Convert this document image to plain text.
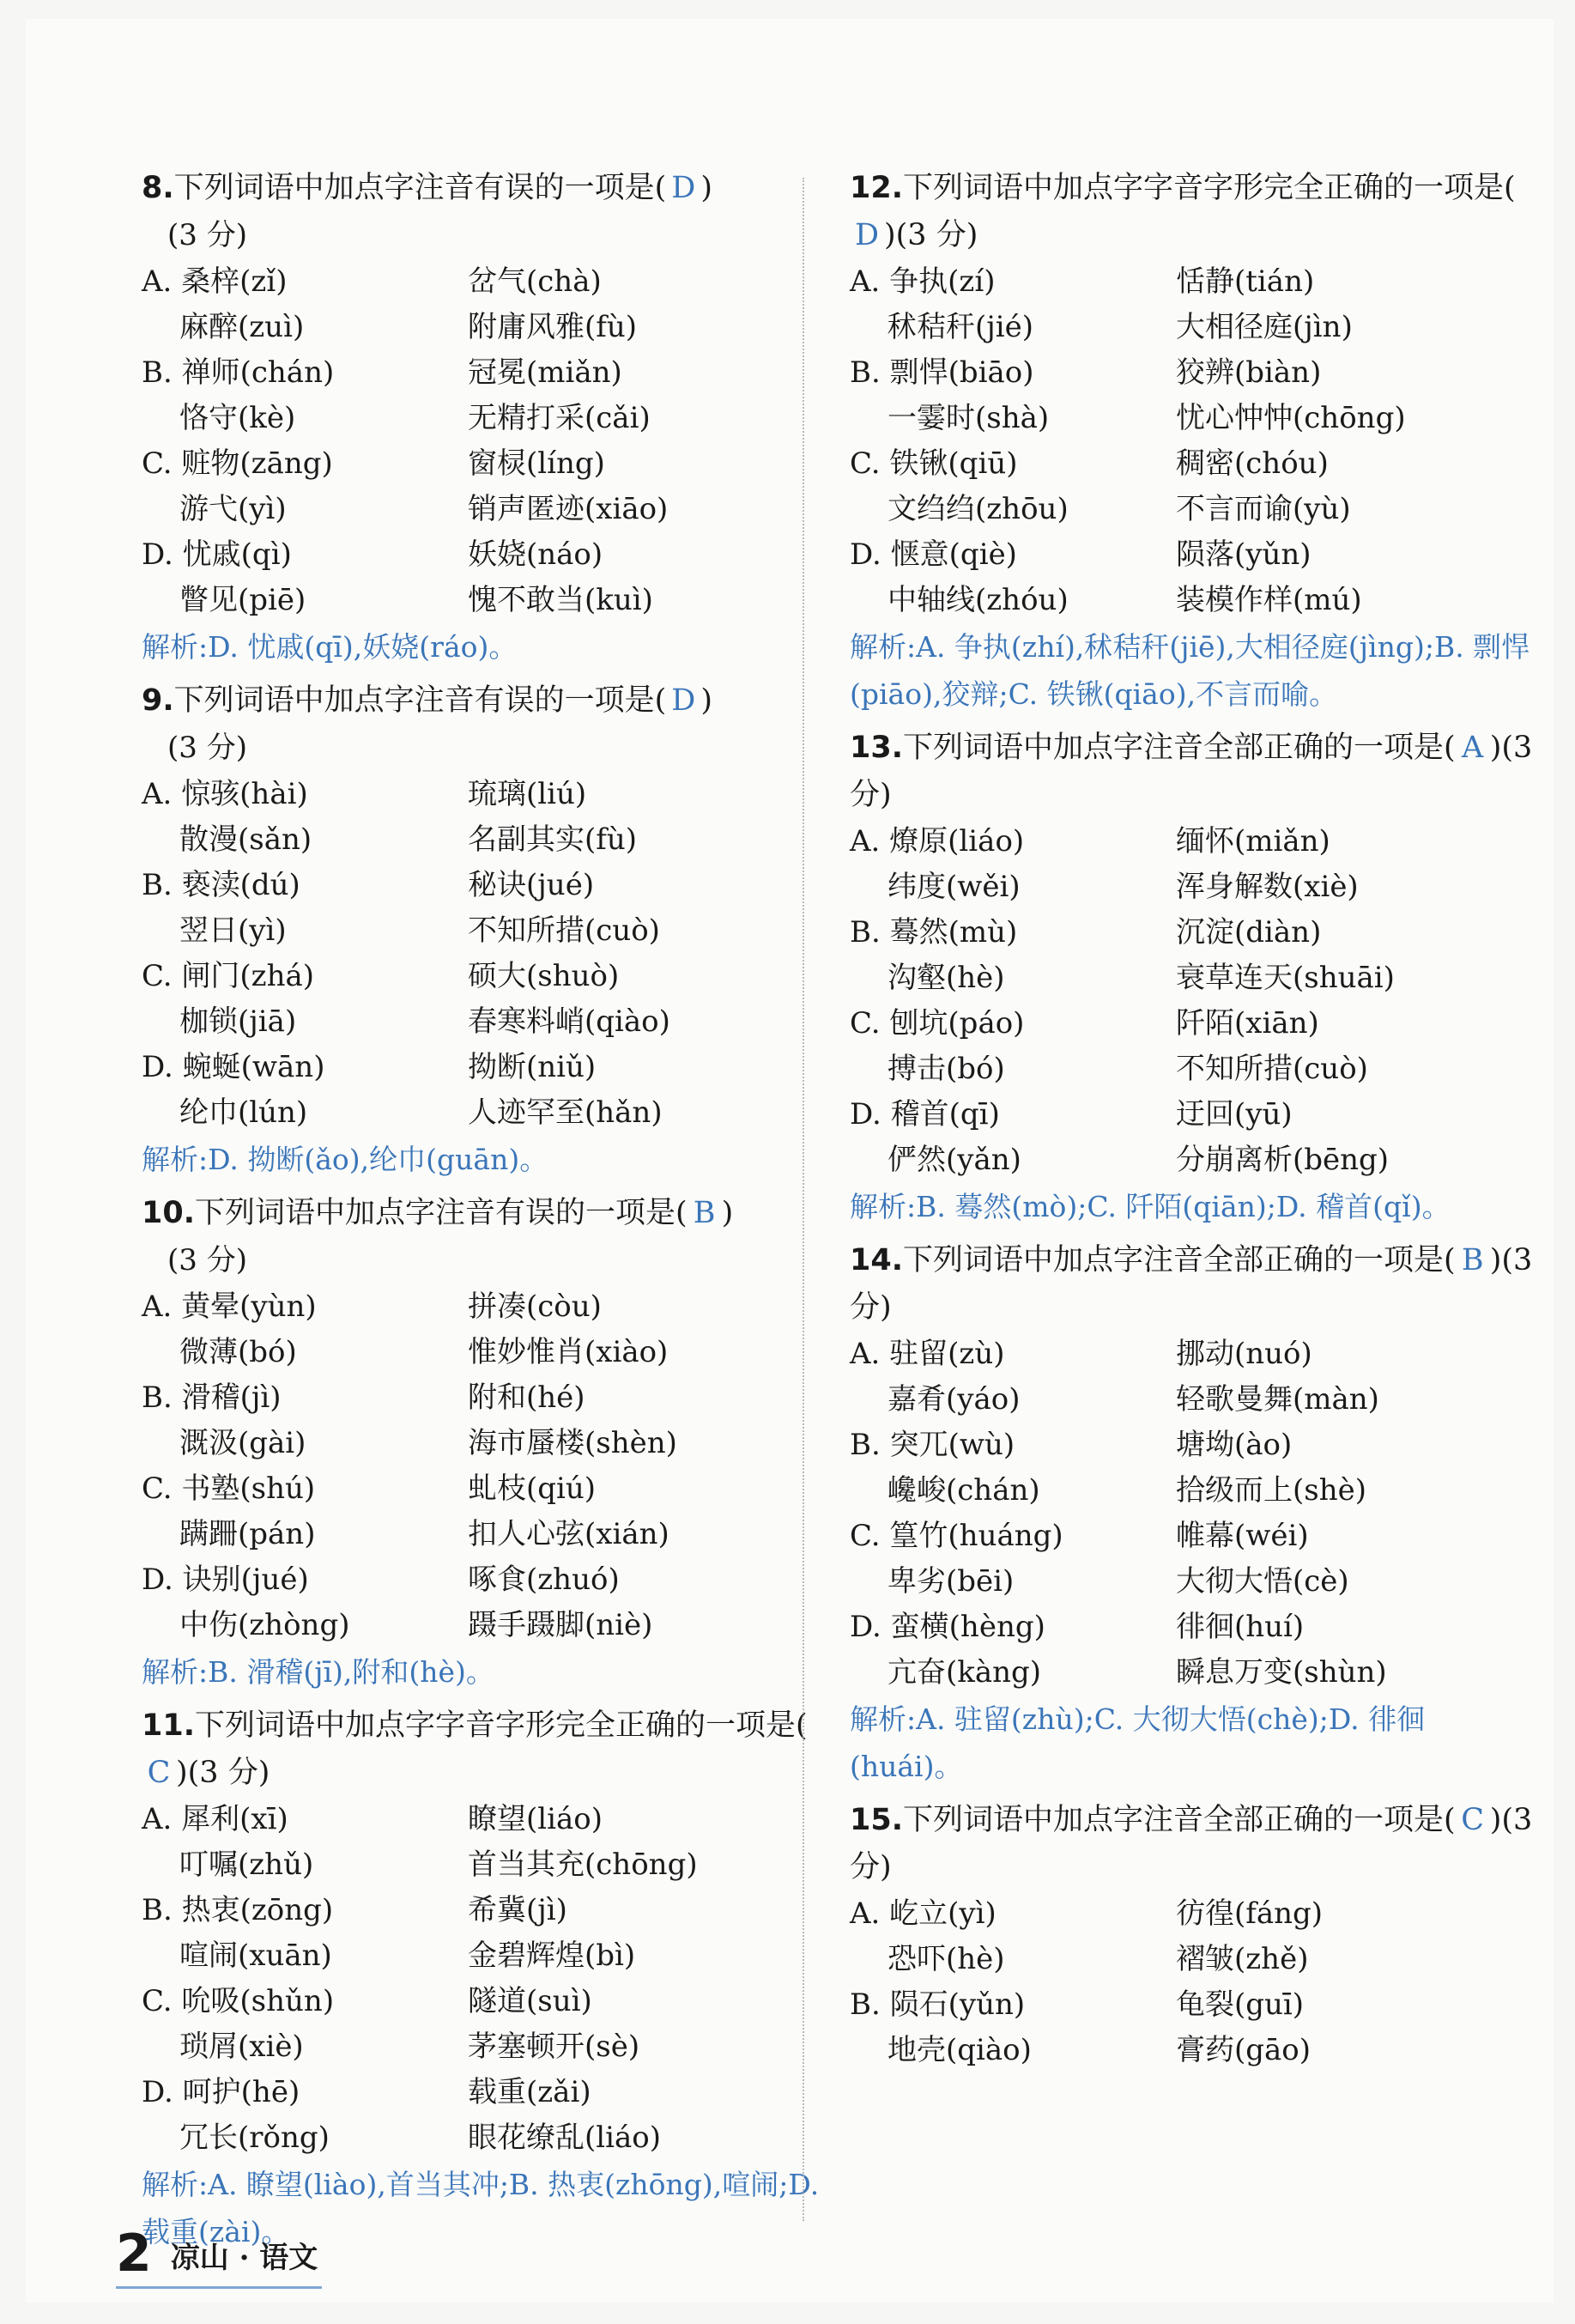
8.下列词语中加点字注音有误的一项是( D )
(3 分)
A. 桑梓(zǐ)	岔气(chà)
麻醉(zuì)	附庸风雅(fù)
B. 禅师(chán)	冠冕(miǎn)
恪守(kè)	无精打采(cǎi)
C. 赃物(zāng)	窗棂(líng)
游弋(yì)	销声匿迹(xiāo)
D. 忧戚(qì)	妖娆(náo)
瞥见(piē)	愧不敢当(kuì)
解析:D. 忧戚(qī),妖娆(ráo)。
9.下列词语中加点字注音有误的一项是( D )
(3 分)
A. 惊骇(hài)	琉璃(liú)
散漫(sǎn)	名副其实(fù)
B. 亵渎(dú)	秘诀(jué)
翌日(yì)	不知所措(cuò)
C. 闸门(zhá)	硕大(shuò)
枷锁(jiā)	春寒料峭(qiào)
D. 蜿蜒(wān)	拗断(niǔ)
纶巾(lún)	人迹罕至(hǎn)
解析:D. 拗断(ǎo),纶巾(guān)。
10.下列词语中加点字注音有误的一项是( B )
(3 分)
A. 黄晕(yùn)	拼凑(còu)
微薄(bó)	惟妙惟肖(xiào)
B. 滑稽(jì)	附和(hé)
溉汲(gài)	海市蜃楼(shèn)
C. 书塾(shú)	虬枝(qiú)
蹒跚(pán)	扣人心弦(xián)
D. 诀别(jué)	啄食(zhuó)
中伤(zhòng)	蹑手蹑脚(niè)
解析:B. 滑稽(jī),附和(hè)。
11.下列词语中加点字字音字形完全正确的一项是(C )(3 分)
A. 犀利(xī)	瞭望(liáo)
叮嘱(zhǔ)	首当其充(chōng)
B. 热衷(zōng)	希冀(jì)
喧闹(xuān)	金碧辉煌(bì)
C. 吮吸(shǔn)	隧道(suì)
琐屑(xiè)	茅塞顿开(sè)
D. 呵护(hē)	载重(zǎi)
冗长(rǒng)	眼花缭乱(liáo)
解析:A. 瞭望(liào),首当其冲;B. 热衷(zhōng),喧闹;D. 载重(zài)。
12.下列词语中加点字字音字形完全正确的一项是(D )(3 分)
A. 争执(zí)	恬静(tián)
秫秸秆(jié)	大相径庭(jìn)
B. 剽悍(biāo)	狡辨(biàn)
一霎时(shà)	忧心忡忡(chōng)
C. 铁锹(qiū)	稠密(chóu)
文绉绉(zhōu)	不言而谕(yù)
D. 惬意(qiè)	陨落(yǔn)
中轴线(zhóu)	装模作样(mú)
解析:A. 争执(zhí),秫秸秆(jiē),大相径庭(jìng);B. 剽悍(piāo),狡辩;C. 铁锹(qiāo),不言而喻。
13.下列词语中加点字注音全部正确的一项是( A )(3 分)
A. 燎原(liáo)	缅怀(miǎn)
纬度(wěi)	浑身解数(xiè)
B. 蓦然(mù)	沉淀(diàn)
沟壑(hè)	衰草连天(shuāi)
C. 刨坑(páo)	阡陌(xiān)
搏击(bó)	不知所措(cuò)
D. 稽首(qī)	迂回(yū)
俨然(yǎn)	分崩离析(bēng)
解析:B. 蓦然(mò);C. 阡陌(qiān);D. 稽首(qǐ)。
14.下列词语中加点字注音全部正确的一项是( B )(3 分)
A. 驻留(zù)	挪动(nuó)
嘉肴(yáo)	轻歌曼舞(màn)
B. 突兀(wù)	塘坳(ào)
巉峻(chán)	拾级而上(shè)
C. 篁竹(huáng)	帷幕(wéi)
卑劣(bēi)	大彻大悟(cè)
D. 蛮横(hèng)	徘徊(huí)
亢奋(kàng)	瞬息万变(shùn)
解析:A. 驻留(zhù);C. 大彻大悟(chè);D. 徘徊(huái)。
15.下列词语中加点字注音全部正确的一项是( C )(3 分)
A. 屹立(yì)	彷徨(fáng)
恐吓(hè)	褶皱(zhě)
B. 陨石(yǔn)	龟裂(guī)
地壳(qiào)	膏药(gāo)
2 凉山 · 语文
